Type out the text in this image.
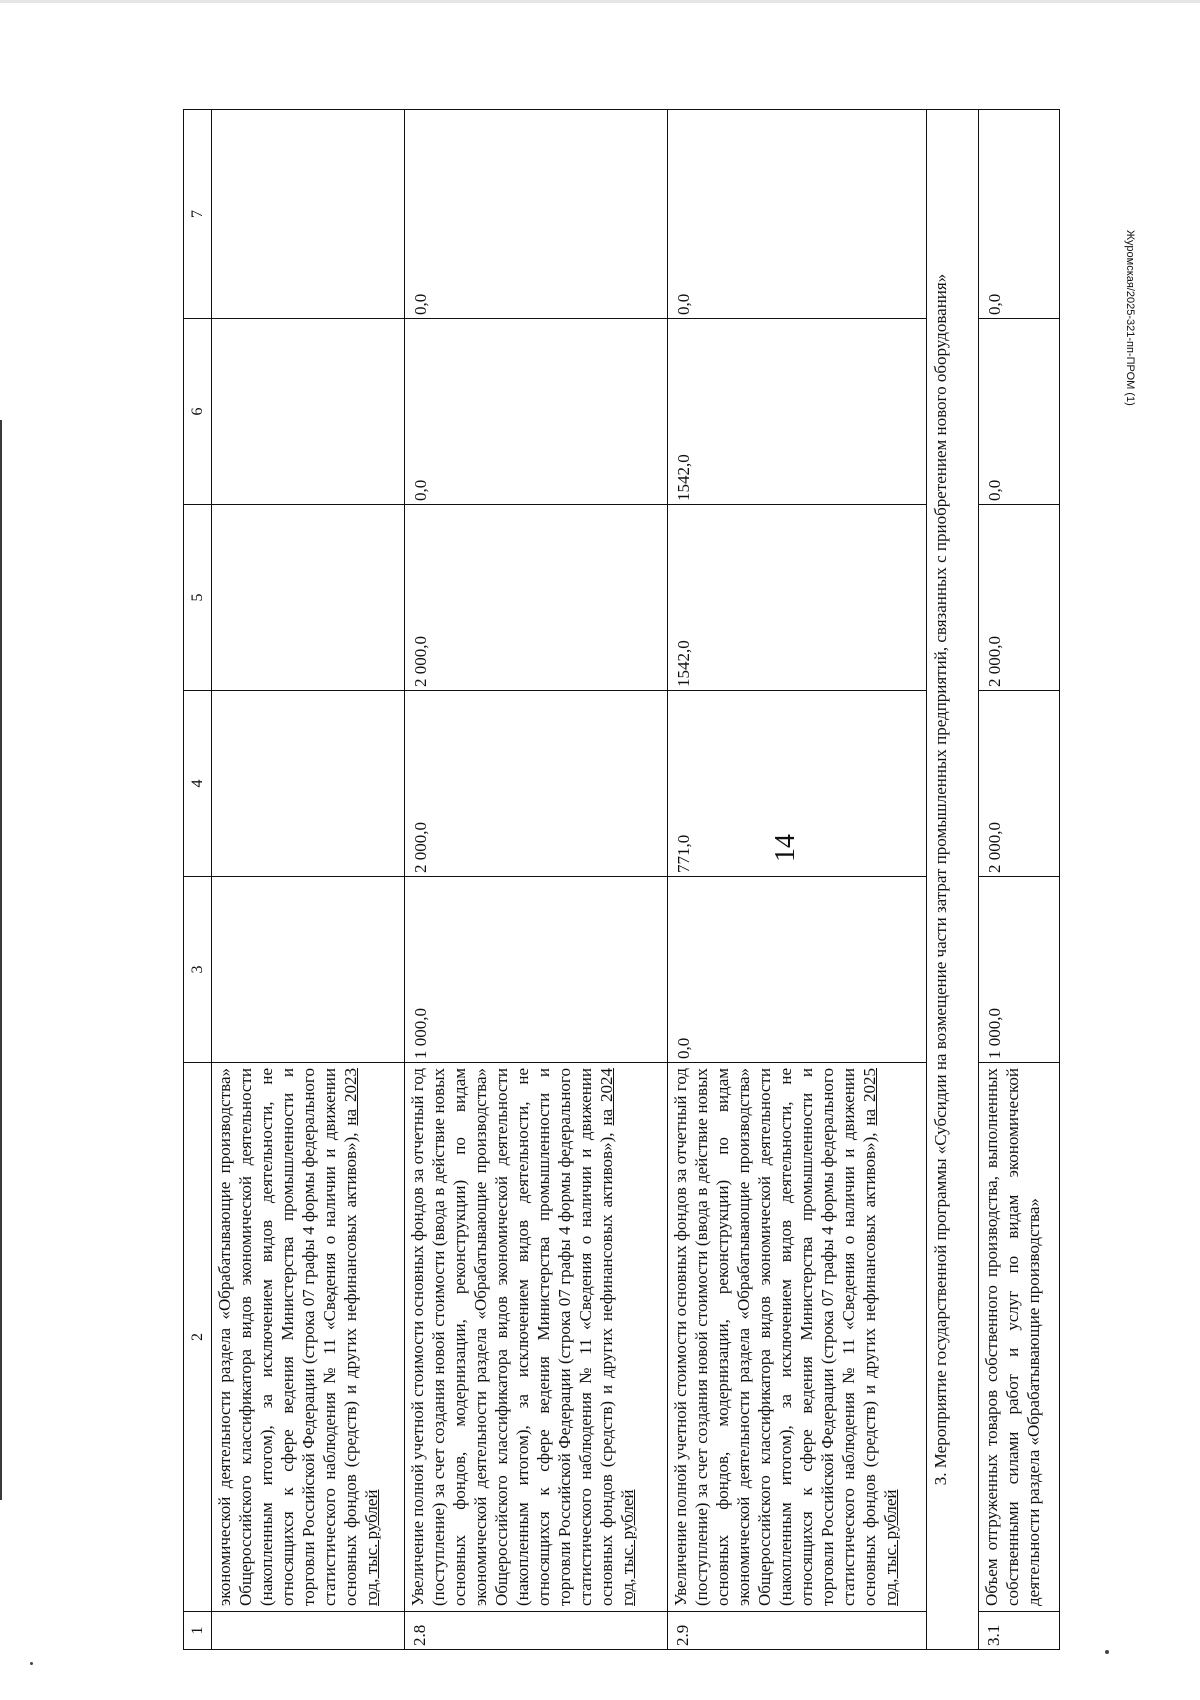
14
1	2	3	4	5	6	7

	экономической деятельности раздела «Обрабатывающие производства» Общероссийского классификатора видов экономической деятельности (накопленным итогом), за исключением видов деятельности, не относящихся к сфере ведения Министерства промышленности и торговли Российской Федерации (строка 07 графы 4 формы федерального статистического наблюдения № 11 «Сведения о наличии и движении основных фондов (средств) и других нефинансовых активов»), на 2023 год, тыс. рублей					

2.8	Увеличение полной учетной стоимости основных фондов за отчетный год (поступление) за счет создания новой стоимости (ввода в действие новых основных фондов, модернизации, реконструкции) по видам экономической деятельности раздела «Обрабатывающие производства» Общероссийского классификатора видов экономической деятельности (накопленным итогом), за исключением видов деятельности, не относящихся к сфере ведения Министерства промышленности и торговли Российской Федерации (строка 07 графы 4 формы федерального статистического наблюдения № 11 «Сведения о наличии и движении основных фондов (средств) и других нефинансовых активов»), на 2024 год, тыс. рублей	1 000,0	2 000,0	2 000,0	0,0	0,0

2.9	Увеличение полной учетной стоимости основных фондов за отчетный год (поступление) за счет создания новой стоимости (ввода в действие новых основных фондов, модернизации, реконструкции) по видам экономической деятельности раздела «Обрабатывающие производства» Общероссийского классификатора видов экономической деятельности (накопленным итогом), за исключением видов деятельности, не относящихся к сфере ведения Министерства промышленности и торговли Российской Федерации (строка 07 графы 4 формы федерального статистического наблюдения № 11 «Сведения о наличии и движении основных фондов (средств) и других нефинансовых активов»), на 2025 год, тыс. рублей	0,0	771,0	1542,0	1542,0	0,0

3. Мероприятие государственной программы «Субсидии на возмещение части затрат промышленных предприятий, связанных с приобретением нового оборудования»						

3.1	Объем отгруженных товаров собственного производства, выполненных собственными силами работ и услуг по видам экономической деятельности раздела «Обрабатывающие производства»	1 000,0	2 000,0	2 000,0	0,0	0,0	Журомская/2025-321-пп-ПРОМ (1)
